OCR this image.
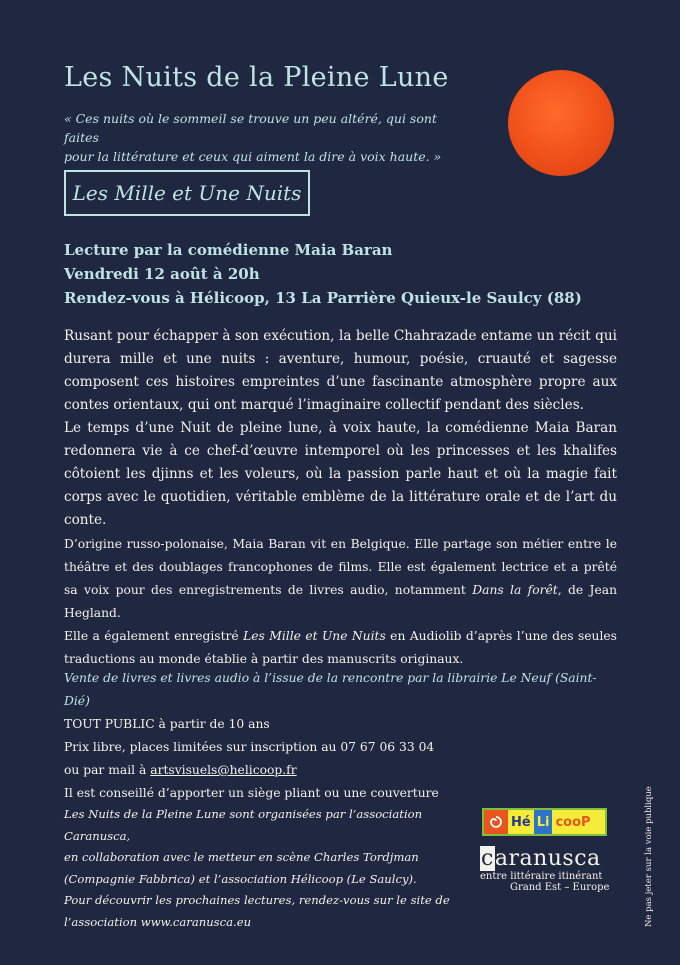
Les Nuits de la Pleine Lune
« Ces nuits où le sommeil se trouve un peu altéré, qui sont faites
pour la littérature et ceux qui aiment la dire à voix haute. »
Les Mille et Une Nuits
Lecture par la comédienne Maia Baran
Vendredi 12 août à 20h
Rendez-vous à Hélicoop, 13 La Parrière Quieux-le Saulcy (88)

Rusant pour échapper à son exécution, la belle Chahrazade entame un récit qui durera mille et une nuits : aventure, humour, poésie, cruauté et sagesse composent ces histoires empreintes d’une fascinante atmosphère propre aux contes orientaux, qui ont marqué l’imaginaire collectif pendant des siècles.

Le temps d’une Nuit de pleine lune, à voix haute, la comédienne Maia Baran redonnera vie à ce chef-d’œuvre intemporel où les princesses et les khalifes côtoient les djinns et les voleurs, où la passion parle haut et où la magie fait corps avec le quotidien, véritable emblème de la littérature orale et de l’art du conte.

D’origine russo-polonaise, Maia Baran vit en Belgique. Elle partage son métier entre le théâtre et des doublages francophones de films. Elle est également lectrice et a prêté sa voix pour des enregistrements de livres audio, notamment Dans la forêt, de Jean Hegland.

Elle a également enregistré Les Mille et Une Nuits en Audiolib d’après l’une des seules traductions au monde établie à partir des manuscrits originaux.

Vente de livres et livres audio à l’issue de la rencontre par la librairie Le Neuf (Saint-Dié)
TOUT PUBLIC à partir de 10 ans
Prix libre, places limitées sur inscription au 07 67 06 33 04
ou par mail à artsvisuels@helicoop.fr
Il est conseillé d’apporter un siège pliant ou une couverture
Les Nuits de la Pleine Lune sont organisées par l’association Caranusca,
en collaboration avec le metteur en scène Charles Tordjman
(Compagnie Fabbrica) et l’association Hélicoop (Le Saulcy).
Pour découvrir les prochaines lectures, rendez-vous sur le site de
l’association www.caranusca.eu
Hé Li cooP
caranusca
entre littéraire itinérant
Grand Est – Europe	Ne pas jeter sur la voie publique
